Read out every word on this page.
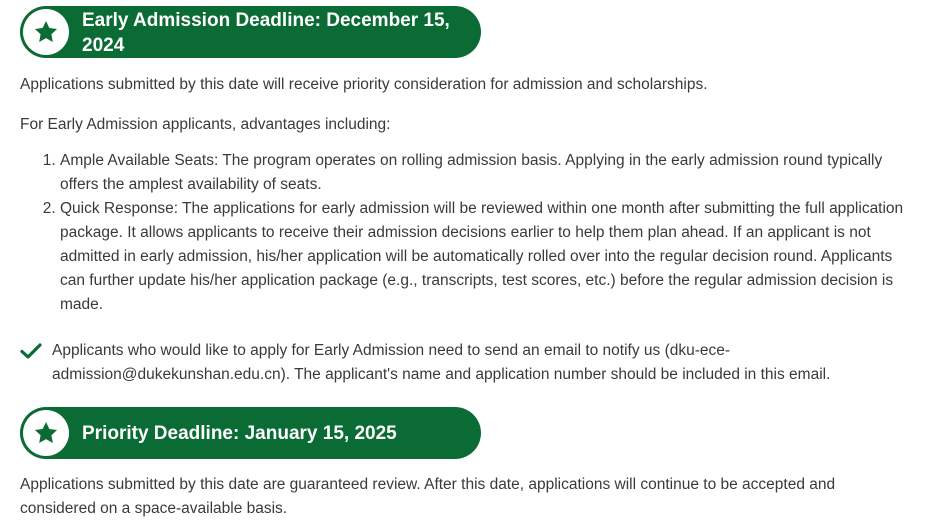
Early Admission Deadline: December 15, 2024

Applications submitted by this date will receive priority consideration for admission and scholarships.

For Early Admission applicants, advantages including:

1. Ample Available Seats: The program operates on rolling admission basis. Applying in the early admission round typically offers the amplest availability of seats.
2. Quick Response: The applications for early admission will be reviewed within one month after submitting the full application package. It allows applicants to receive their admission decisions earlier to help them plan ahead. If an applicant is not admitted in early admission, his/her application will be automatically rolled over into the regular decision round. Applicants can further update his/her application package (e.g., transcripts, test scores, etc.) before the regular admission decision is made.
Applicants who would like to apply for Early Admission need to send an email to notify us (dku-ece-admission@dukekunshan.edu.cn). The applicant's name and application number should be included in this email.
Priority Deadline: January 15, 2025

Applications submitted by this date are guaranteed review. After this date, applications will continue to be accepted and considered on a space-available basis.
